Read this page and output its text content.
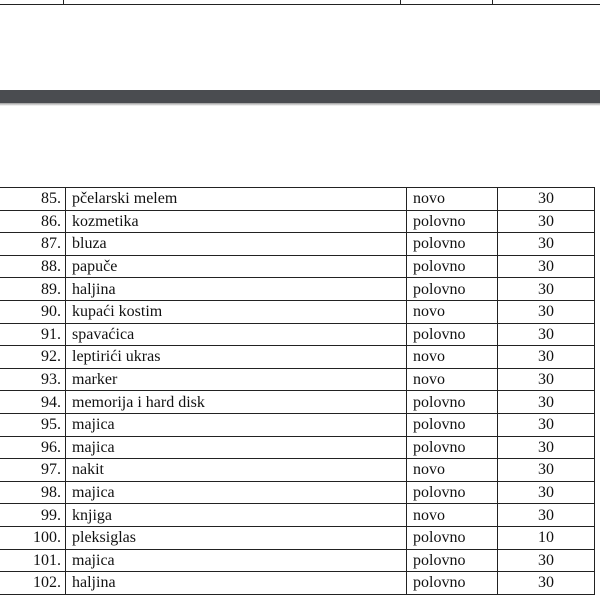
85.	pčelarski melem	novo	30
86.	kozmetika	polovno	30
87.	bluza	polovno	30
88.	papuče	polovno	30
89.	haljina	polovno	30
90.	kupaći kostim	novo	30
91.	spavaćica	polovno	30
92.	leptirići ukras	novo	30
93.	marker	novo	30
94.	memorija i hard disk	polovno	30
95.	majica	polovno	30
96.	majica	polovno	30
97.	nakit	novo	30
98.	majica	polovno	30
99.	knjiga	novo	30
100.	pleksiglas	polovno	10
101.	majica	polovno	30
102.	haljina	polovno	30
